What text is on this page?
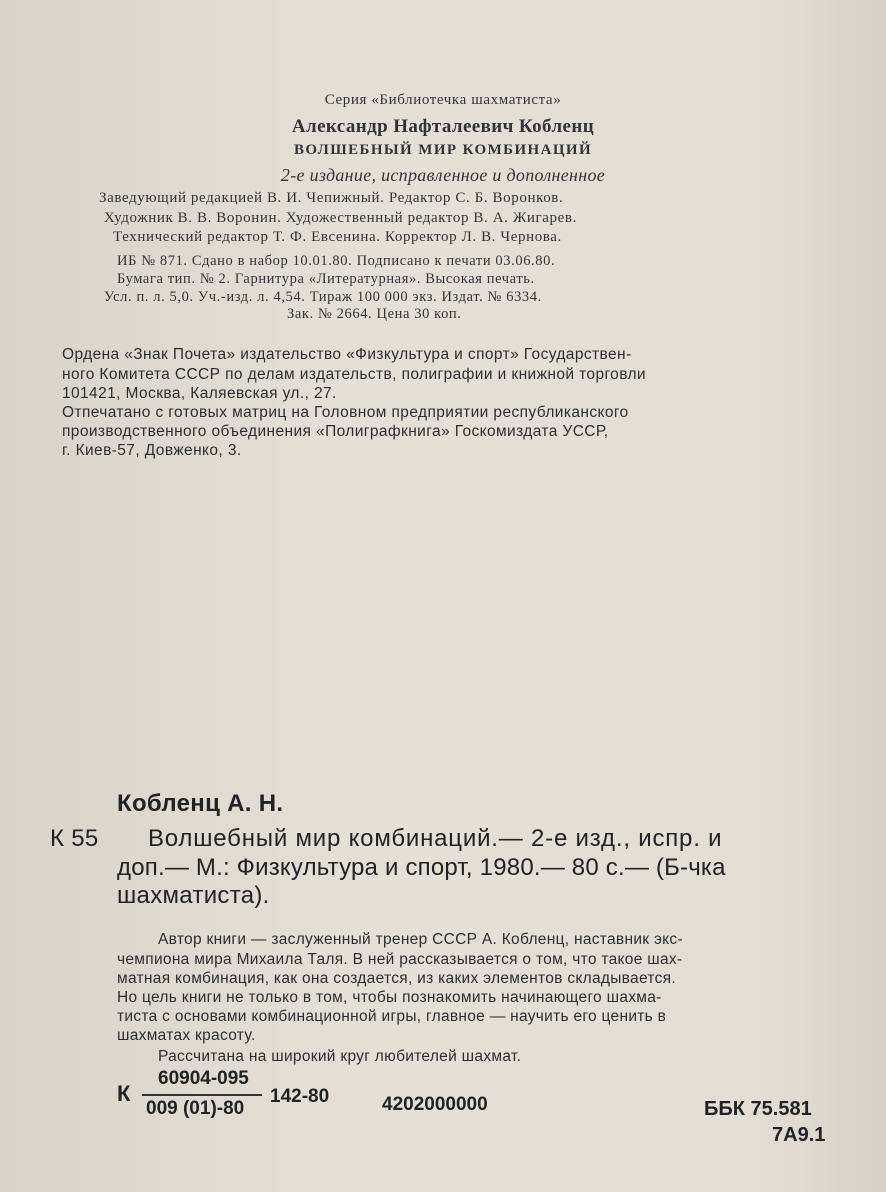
Серия «Библиотечка шахматиста»
Александр Нафталеевич Кобленц
ВОЛШЕБНЫЙ МИР КОМБИНАЦИЙ
2-е издание, исправленное и дополненное
Заведующий редакцией В. И. Чепижный. Редактор С. Б. Воронков.
Художник В. В. Воронин. Художественный редактор В. А. Жигарев.
Технический редактор Т. Ф. Евсенина. Корректор Л. В. Чернова.
ИБ № 871. Сдано в набор 10.01.80. Подписано к печати 03.06.80.
Бумага тип. № 2. Гарнитура «Литературная». Высокая печать.
Усл. п. л. 5,0. Уч.-изд. л. 4,54. Тираж 100 000 экз. Издат. № 6334.
Зак. № 2664. Цена 30 коп.
Ордена «Знак Почета» издательство «Физкультура и спорт» Государствен-
ного Комитета СССР по делам издательств, полиграфии и книжной торговли
101421, Москва, Каляевская ул., 27.
Отпечатано с готовых матриц на Головном предприятии республиканского
производственного объединения «Полиграфкнига» Госкомиздата УССР,
г. Киев-57, Довженко, 3.
Кобленц А. Н.
К 55 Волшебный мир комбинаций.— 2-е изд., испр. и
доп.— М.: Физкультура и спорт, 1980.— 80 с.— (Б-чка
шахматиста).
Автор книги — заслуженный тренер СССР А. Кобленц, наставник экс-
чемпиона мира Михаила Таля. В ней рассказывается о том, что такое шах-
матная комбинация, как она создается, из каких элементов складывается.
Но цель книги не только в том, чтобы познакомить начинающего шахма-
тиста с основами комбинационной игры, главное — научить его ценить в
шахматах красоту.
Рассчитана на широкий круг любителей шахмат.
К
60904-095
009 (01)-80
142-80	4202000000	ББК 75.581
7А9.1
